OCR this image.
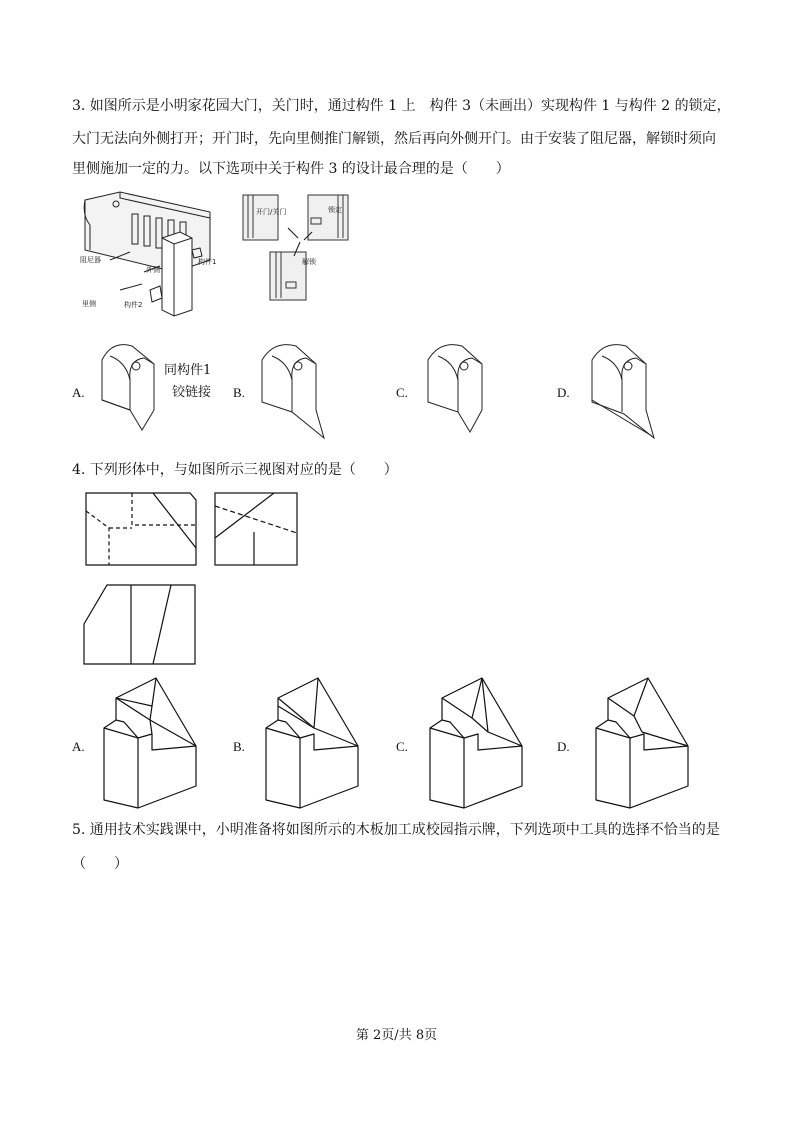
3. 如图所示是小明家花园大门，关门时，通过构件 1 上　构件 3（未画出）实现构件 1 与构件 2 的锁定，
大门无法向外侧打开；开门时，先向里侧推门解锁，然后再向外侧开门。由于安装了阻尼器，解锁时须向
里侧施加一定的力。以下选项中关于构件 3 的设计最合理的是（　　）
阻尼器
外侧
里侧
构件1
构件2
开门/关门	锁定
解锁
A.
同构件1
铰链接 B.	C.	D.
4. 下列形体中，与如图所示三视图对应的是（　　）
A.	B.	C.	D.
5. 通用技术实践课中，小明准备将如图所示的木板加工成校园指示牌，下列选项中工具的选择不恰当的是
（　　）
第 2页/共 8页
